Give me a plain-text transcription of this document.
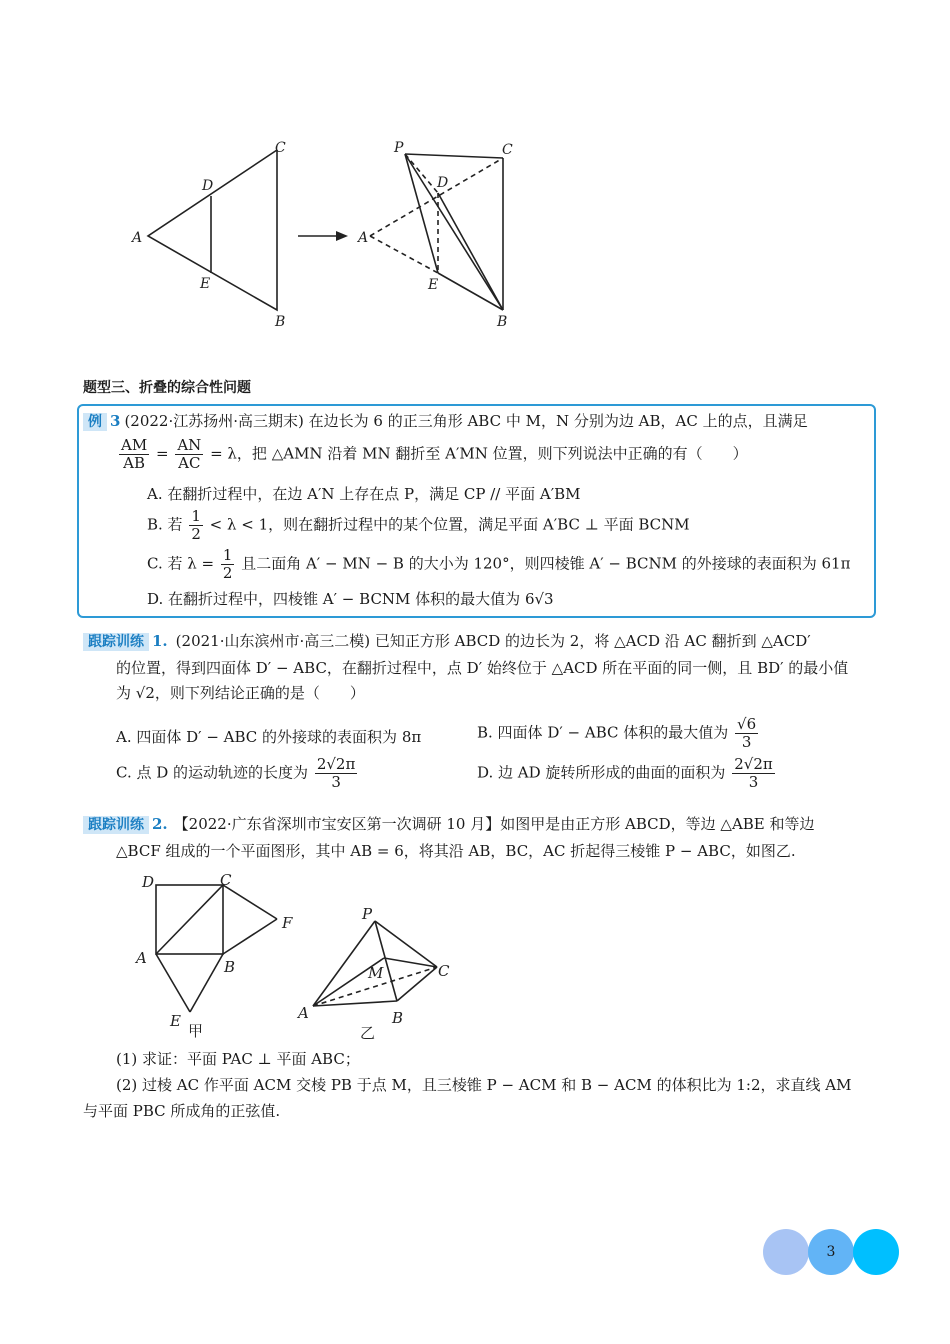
A
C
B
D
E
P	C
A
D
E
B
题型三、折叠的综合性问题
例 3 (2022·江苏扬州·高三期末) 在边长为 6 的正三角形 ABC 中 M，N 分别为边 AB，AC 上的点，且满足
$\frac{AM}{AB} = \frac{AN}{AC} = \lambda$，把 △AMN 沿着 MN 翻折至 A′MN 位置，则下列说法中正确的有（　　）
A. 在翻折过程中，在边 A′N 上存在点 P，满足 CP // 平面 A′BM
B. 若 $\frac{1}{2} < \lambda < 1$，则在翻折过程中的某个位置，满足平面 A′BC ⊥ 平面 BCNM
C. 若 $\lambda = \frac{1}{2}$ 且二面角 A′ − MN − B 的大小为 120°，则四棱锥 A′ − BCNM 的外接球的表面积为 61π
D. 在翻折过程中，四棱锥 A′ − BCNM 体积的最大值为 6√3
跟踪训练 1. (2021·山东滨州市·高三二模) 已知正方形 ABCD 的边长为 2，将 △ACD 沿 AC 翻折到 △ACD′
的位置，得到四面体 D′ − ABC，在翻折过程中，点 D′ 始终位于 △ACD 所在平面的同一侧，且 BD′ 的最小值
为 √2，则下列结论正确的是（　　）
A. 四面体 D′ − ABC 的外接球的表面积为 8π	B. 四面体 D′ − ABC 体积的最大值为 $\frac{√6}{3}$
C. 点 D 的运动轨迹的长度为 $\frac{2√2\pi}{3}$	D. 边 AD 旋转所形成的曲面的面积为 $\frac{2√2\pi}{3}$
跟踪训练 2. 【2022·广东省深圳市宝安区第一次调研 10 月】如图甲是由正方形 ABCD，等边 △ABE 和等边
△BCF 组成的一个平面图形，其中 AB = 6，将其沿 AB，BC，AC 折起得三棱锥 P − ABC，如图乙.
D	C
F
A	B
E
P
M	C
A	B
甲	乙
(1) 求证：平面 PAC ⊥ 平面 ABC；
(2) 过棱 AC 作平面 ACM 交棱 PB 于点 M，且三棱锥 P − ACM 和 B − ACM 的体积比为 1:2，求直线 AM
与平面 PBC 所成角的正弦值.
3
